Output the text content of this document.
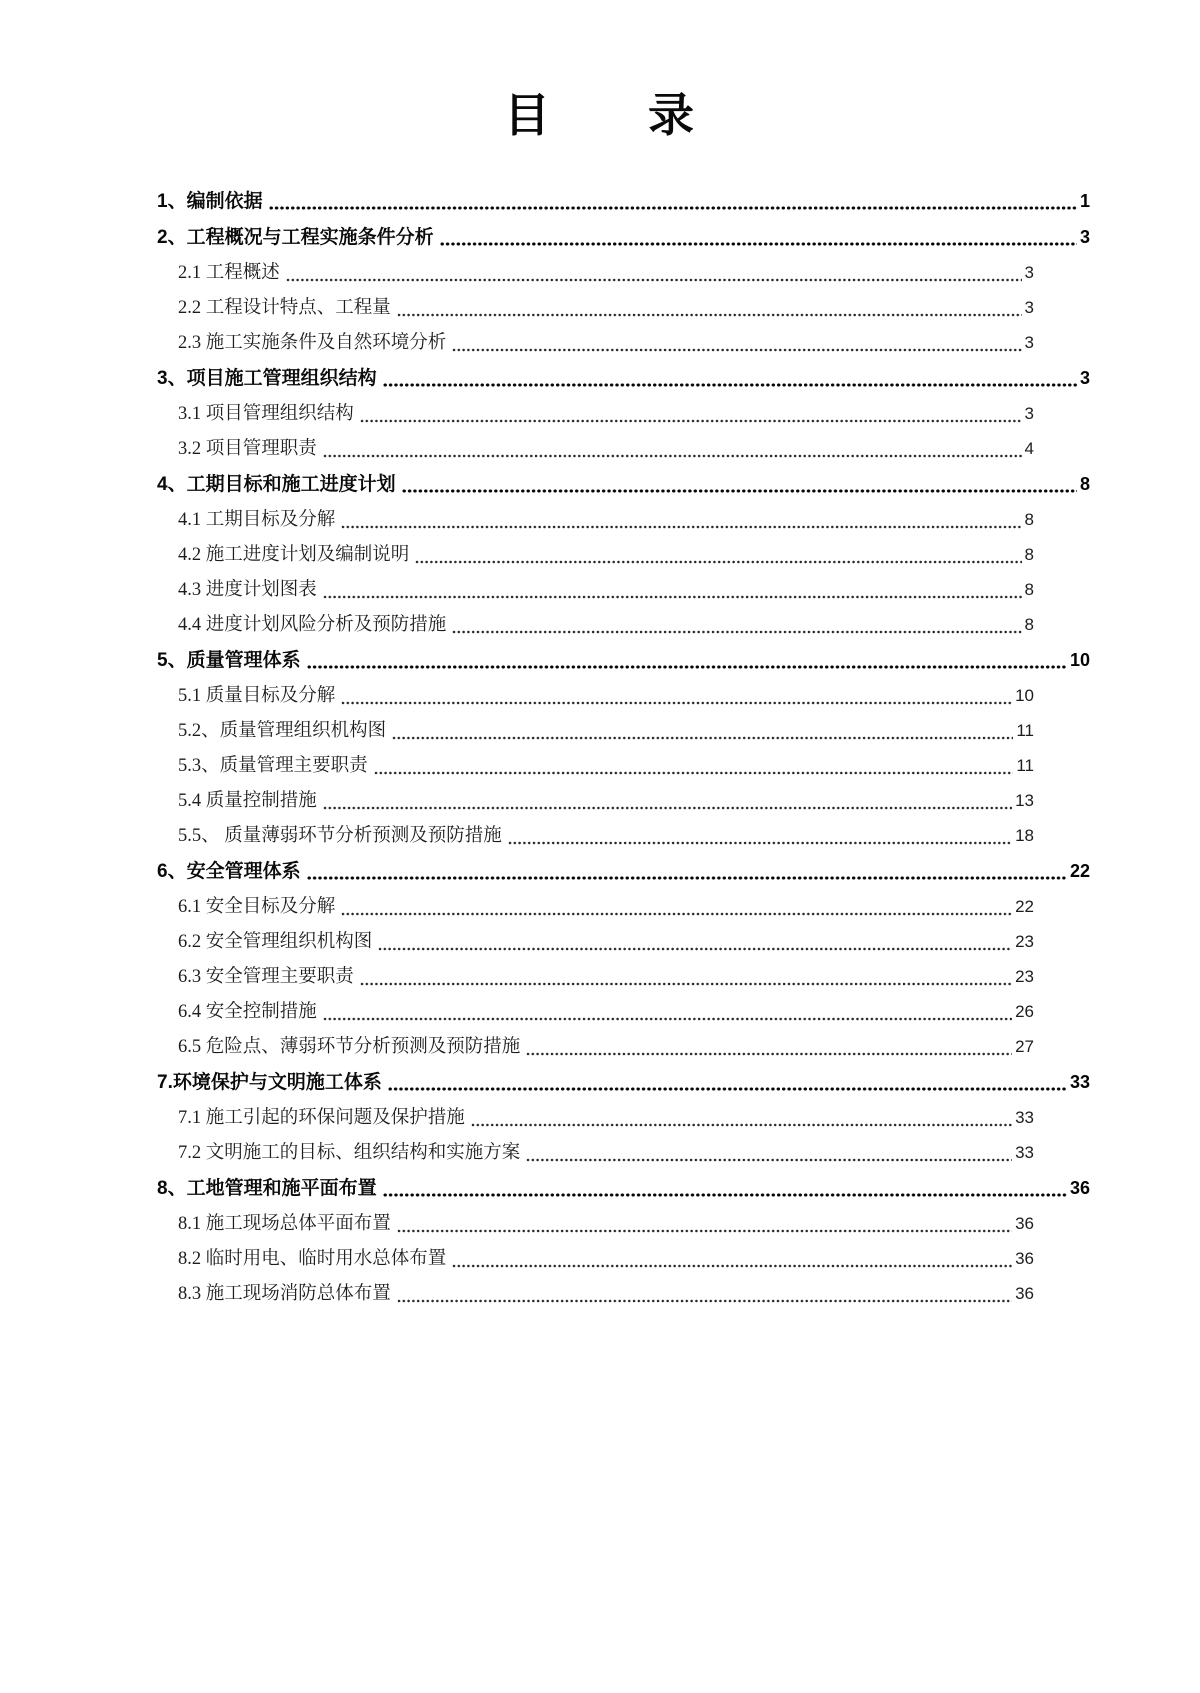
目　　录
1、编制依据	1
2、工程概况与工程实施条件分析	3
2.1 工程概述	3
2.2 工程设计特点、工程量	3
2.3 施工实施条件及自然环境分析	3
3、项目施工管理组织结构	3
3.1 项目管理组织结构	3
3.2 项目管理职责	4
4、工期目标和施工进度计划	8
4.1 工期目标及分解	8
4.2 施工进度计划及编制说明	8
4.3 进度计划图表	8
4.4 进度计划风险分析及预防措施	8
5、质量管理体系	10
5.1 质量目标及分解	10
5.2、质量管理组织机构图	11
5.3、质量管理主要职责	11
5.4 质量控制措施	13
5.5、 质量薄弱环节分析预测及预防措施	18
6、安全管理体系	22
6.1 安全目标及分解	22
6.2 安全管理组织机构图	23
6.3 安全管理主要职责	23
6.4 安全控制措施	26
6.5 危险点、薄弱环节分析预测及预防措施	27
7.环境保护与文明施工体系	33
7.1 施工引起的环保问题及保护措施	33
7.2 文明施工的目标、组织结构和实施方案	33
8、工地管理和施平面布置	36
8.1 施工现场总体平面布置	36
8.2 临时用电、临时用水总体布置	36
8.3 施工现场消防总体布置	36
